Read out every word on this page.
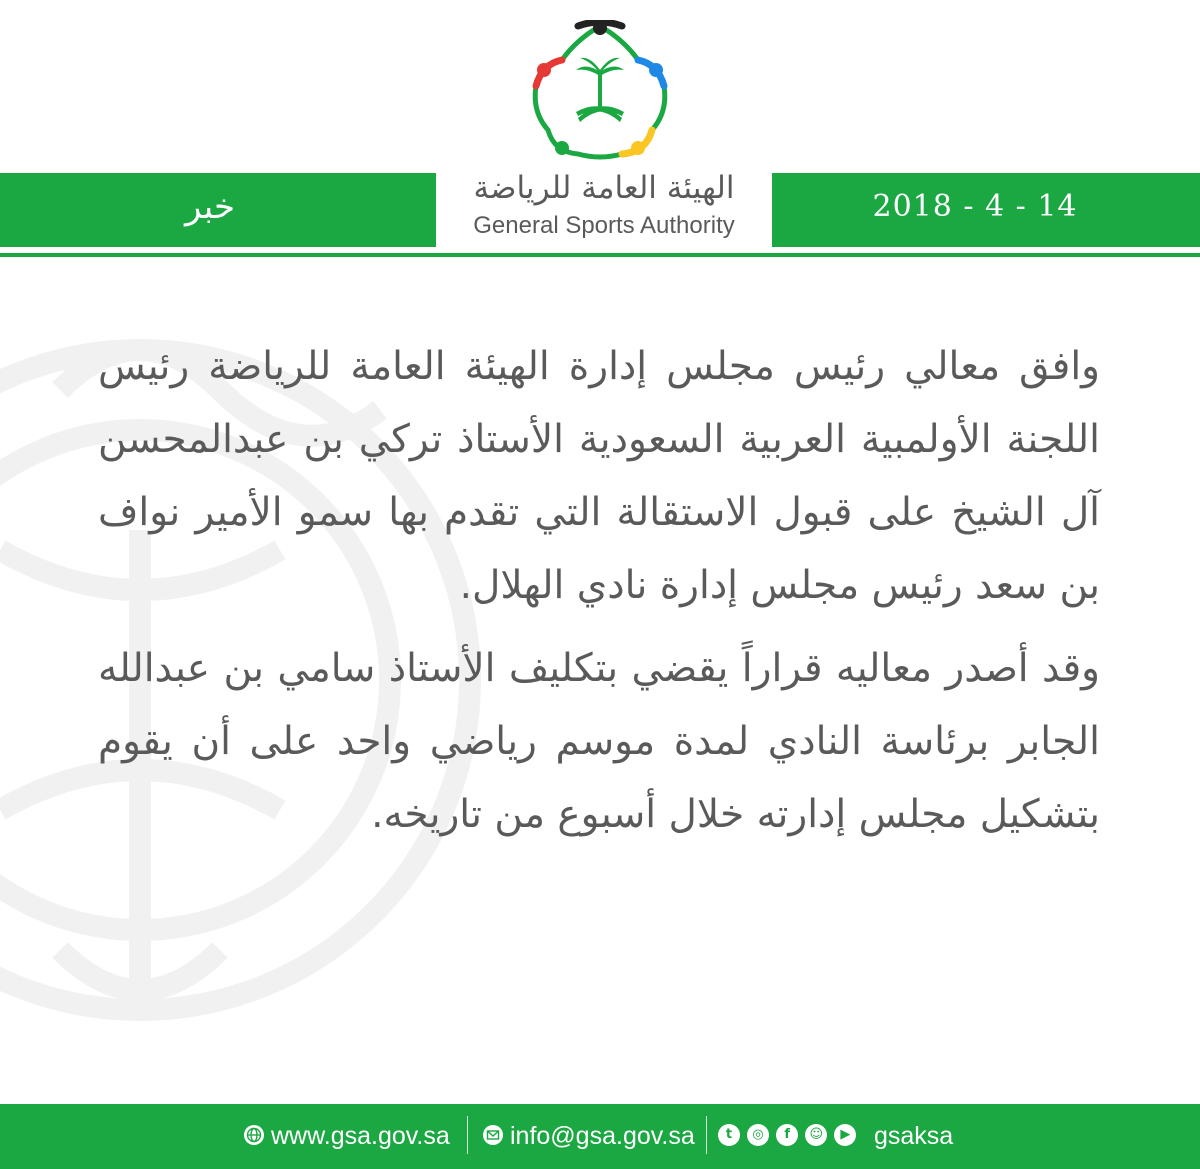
الهيئة العامة للرياضة
General Sports Authority
خبر	2018 - 4 - 14

وافق معالي رئيس مجلس إدارة الهيئة العامة للرياضة رئيس اللجنة الأولمبية العربية السعودية الأستاذ تركي بن عبدالمحسن آل الشيخ على قبول الاستقالة التي تقدم بها سمو الأمير نواف بن سعد رئيس مجلس إدارة نادي الهلال.

وقد أصدر معاليه قراراً يقضي بتكليف الأستاذ سامي بن عبدالله الجابر برئاسة النادي لمدة موسم رياضي واحد على أن يقوم بتشكيل مجلس إدارته خلال أسبوع من تاريخه.

www.gsa.gov.sa	info@gsa.gov.sa	t
	◎
	f
	☺
	▶ gsaksa
